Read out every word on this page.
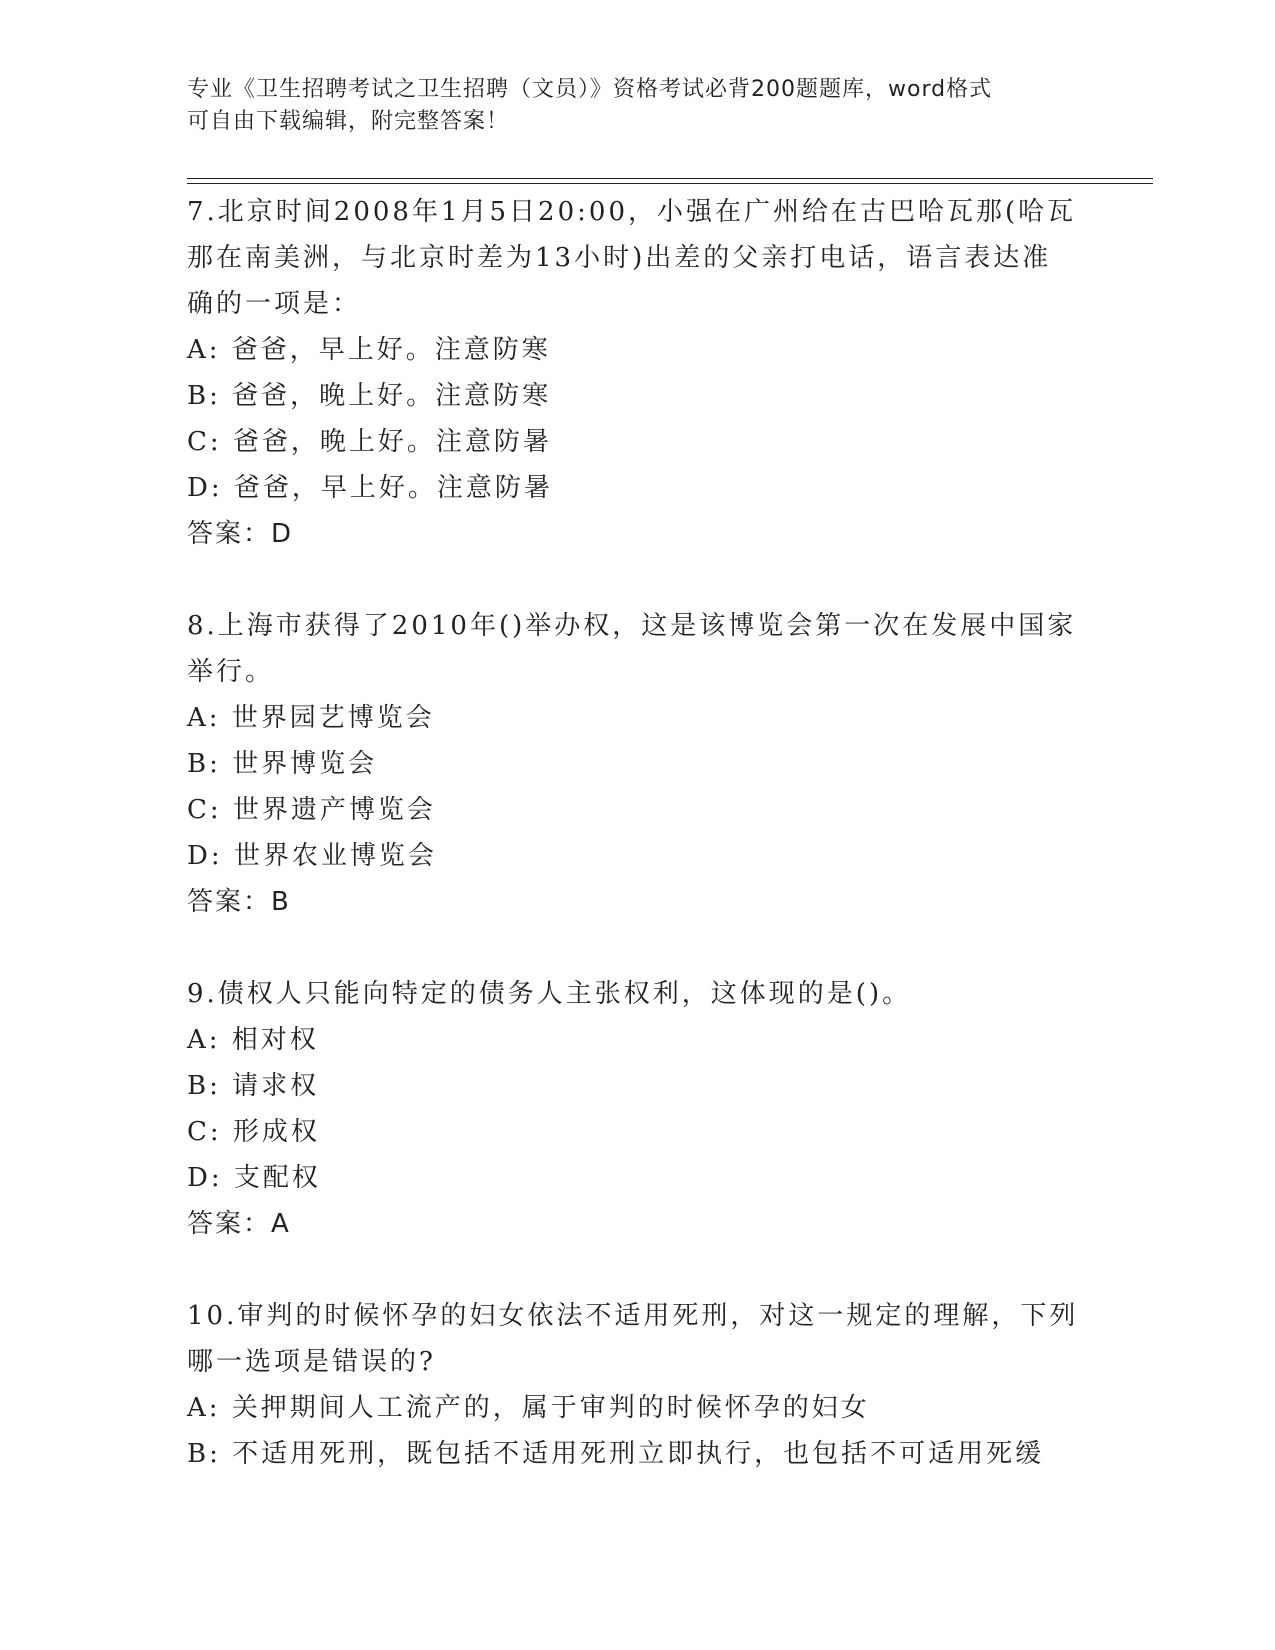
专业《卫生招聘考试之卫生招聘（文员）》资格考试必背200题题库，word格式
可自由下载编辑，附完整答案！
7.北京时间2008年1月5日20:00，小强在广州给在古巴哈瓦那(哈瓦
那在南美洲，与北京时差为13小时)出差的父亲打电话，语言表达准
确的一项是：
A: 爸爸，早上好。注意防寒
B: 爸爸，晚上好。注意防寒
C: 爸爸，晚上好。注意防暑
D: 爸爸，早上好。注意防暑
答案：D
8.上海市获得了2010年()举办权，这是该博览会第一次在发展中国家
举行。
A: 世界园艺博览会
B: 世界博览会
C: 世界遗产博览会
D: 世界农业博览会
答案：B
9.债权人只能向特定的债务人主张权利，这体现的是()。
A: 相对权
B: 请求权
C: 形成权
D: 支配权
答案：A
10.审判的时候怀孕的妇女依法不适用死刑，对这一规定的理解，下列
哪一选项是错误的?
A: 关押期间人工流产的，属于审判的时候怀孕的妇女
B: 不适用死刑，既包括不适用死刑立即执行，也包括不可适用死缓
